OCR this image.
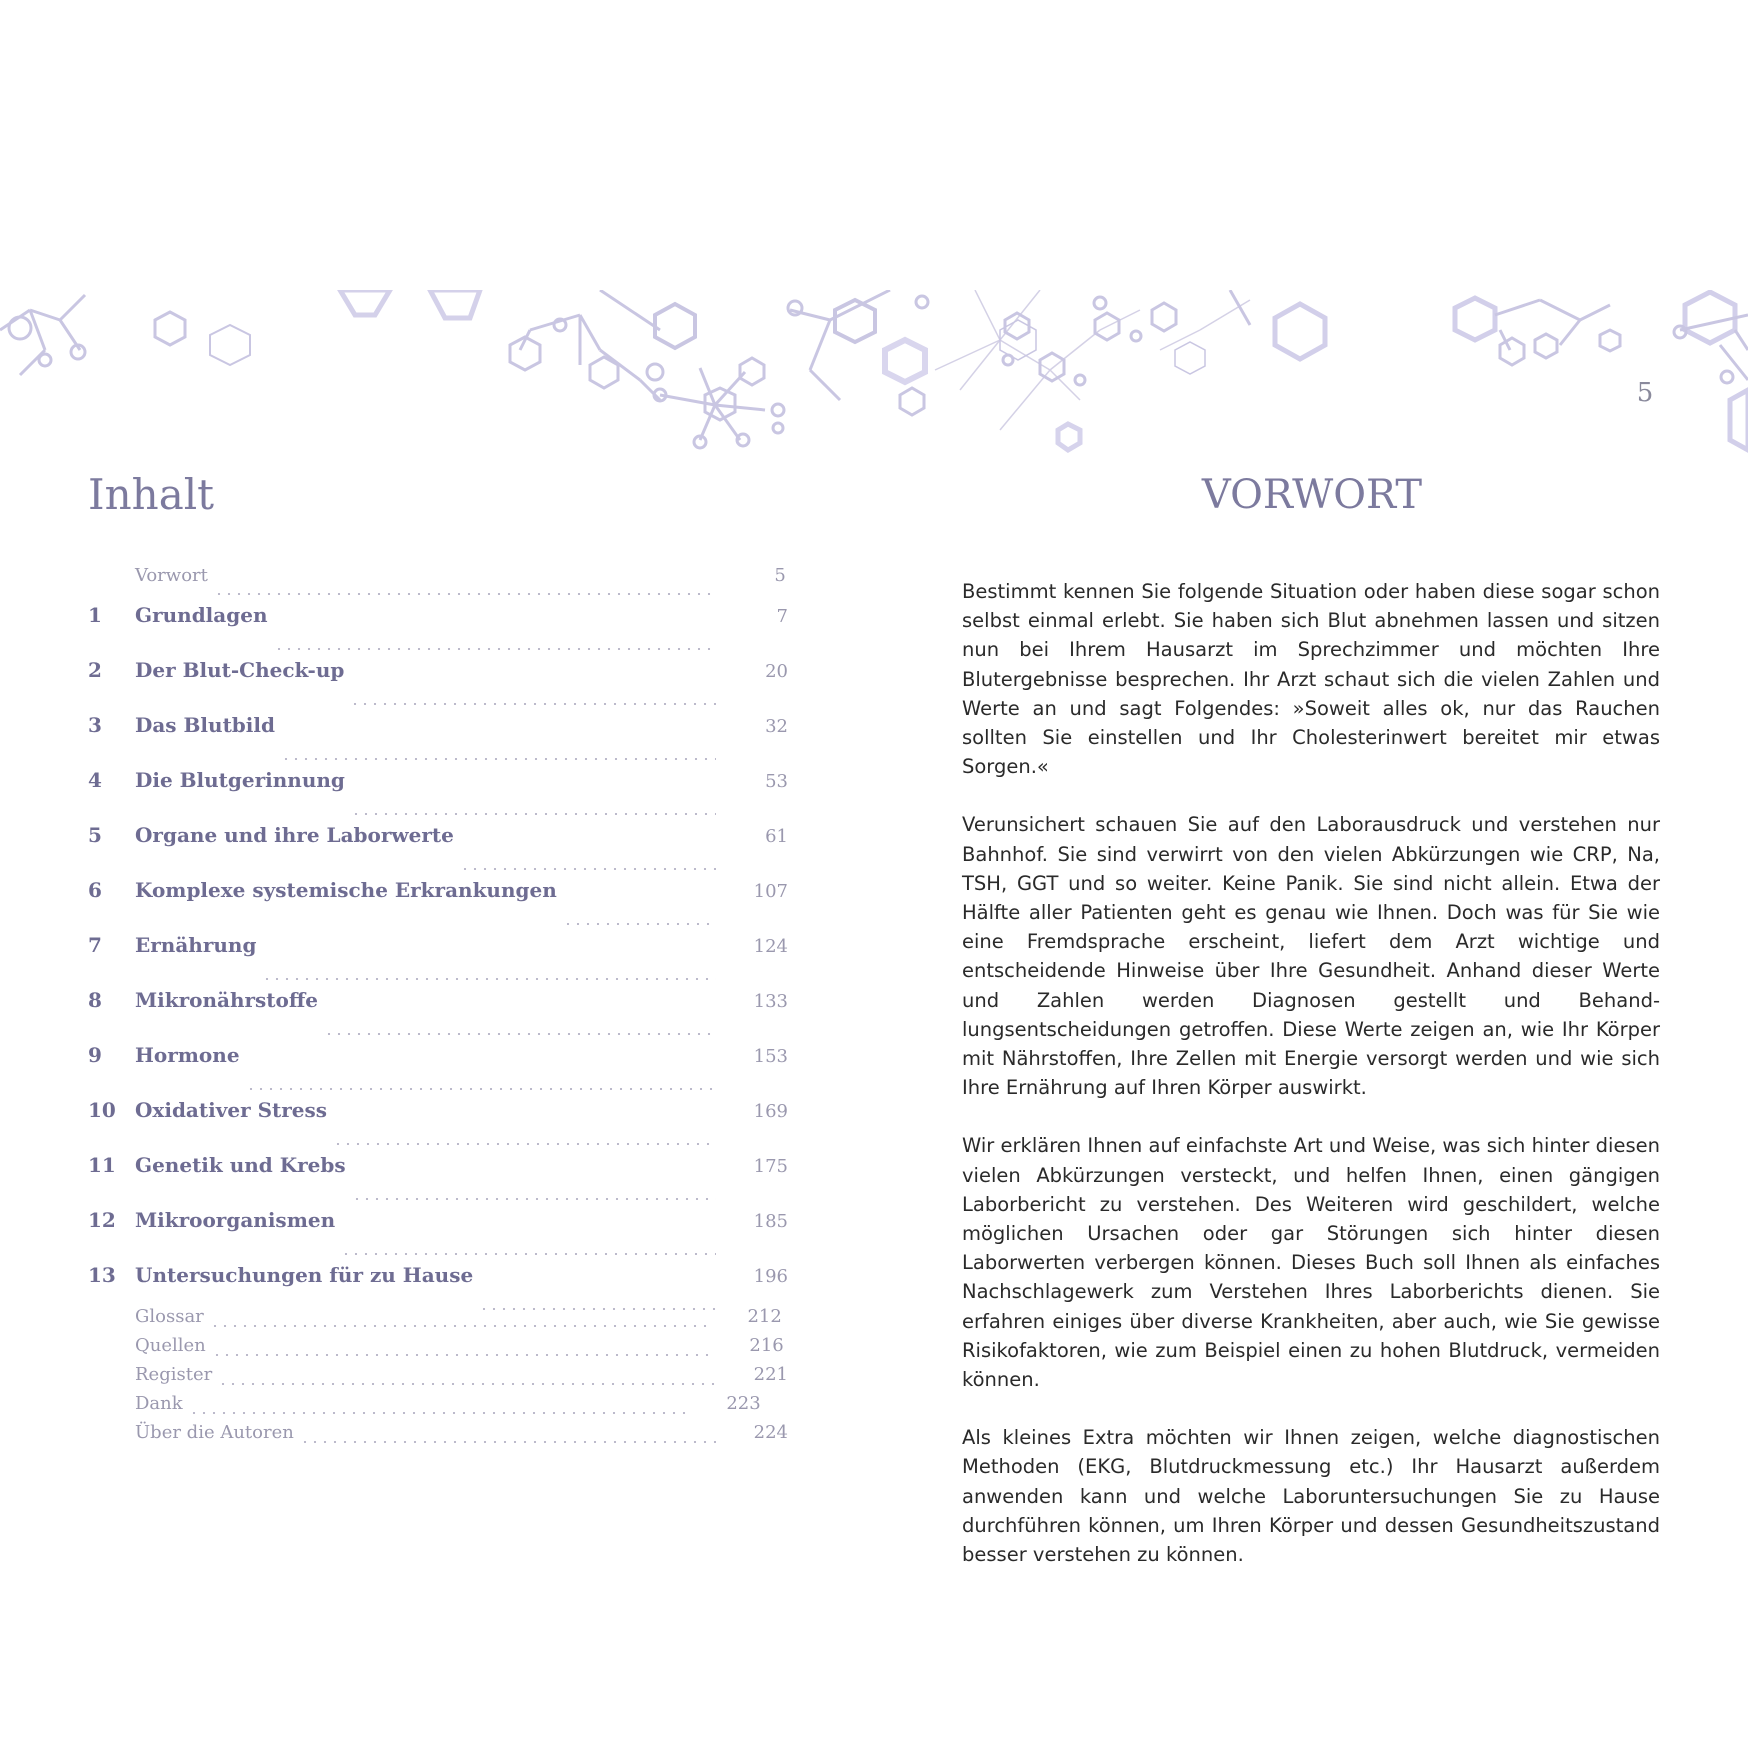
5
Inhalt
Vorwort	5
1	Grundlagen	7
2	Der Blut-Check-up	20
3	Das Blutbild	32
4	Die Blutgerinnung	53
5	Organe und ihre Laborwerte	61
6	Komplexe systemische Erkrankungen	107
7	Ernährung	124
8	Mikronährstoffe	133
9	Hormone	153
10 Oxidativer Stress	169
11 Genetik und Krebs	175
12 Mikroorganismen	185
13 Untersuchungen für zu Hause	196
Glossar	212
Quellen	216
Register	221
Dank	223
Über die Autoren	224
VORWORT

Bestimmt kennen Sie folgende Situation oder haben diese sogar schon selbst einmal erlebt. Sie haben sich Blut abnehmen lassen und sitzen nun bei Ihrem Hausarzt im Sprechzimmer und möchten Ihre Blutergebnisse besprechen. Ihr Arzt schaut sich die vielen Zahlen und Werte an und sagt Folgendes: »Soweit alles ok, nur das Rauchen sollten Sie einstellen und Ihr Cholesterinwert bereitet mir etwas Sorgen.«

Verunsichert schauen Sie auf den Laborausdruck und verstehen nur Bahnhof. Sie sind verwirrt von den vielen Abkürzungen wie CRP, Na, TSH, GGT und so weiter. Keine Panik. Sie sind nicht allein. Etwa der Hälfte aller Patienten geht es genau wie Ihnen. Doch was für Sie wie eine Fremdsprache erscheint, liefert dem Arzt wichtige und entscheidende Hinweise über Ihre Gesundheit. Anhand dieser Werte und Zahlen werden Diagnosen gestellt und Behandlungsentscheidungen getroffen. Diese Werte zeigen an, wie Ihr Körper mit Nährstoffen, Ihre Zellen mit Energie versorgt werden und wie sich Ihre Ernährung auf Ihren Körper auswirkt.

Wir erklären Ihnen auf einfachste Art und Weise, was sich hinter diesen vielen Abkürzungen versteckt, und helfen Ihnen, einen gängigen Laborbericht zu verstehen. Des Weiteren wird geschildert, welche möglichen Ursachen oder gar Störungen sich hinter diesen Laborwerten verbergen können. Dieses Buch soll Ihnen als einfaches Nachschlagewerk zum Verstehen Ihres Laborberichts dienen. Sie erfahren einiges über diverse Krankheiten, aber auch, wie Sie gewisse Risikofaktoren, wie zum Beispiel einen zu hohen Blutdruck, vermeiden können.

Als kleines Extra möchten wir Ihnen zeigen, welche diagnostischen Methoden (EKG, Blutdruckmessung etc.) Ihr Hausarzt außerdem anwenden kann und welche Laboruntersuchungen Sie zu Hause durchführen können, um Ihren Körper und dessen Gesundheitszustand besser verstehen zu können.
